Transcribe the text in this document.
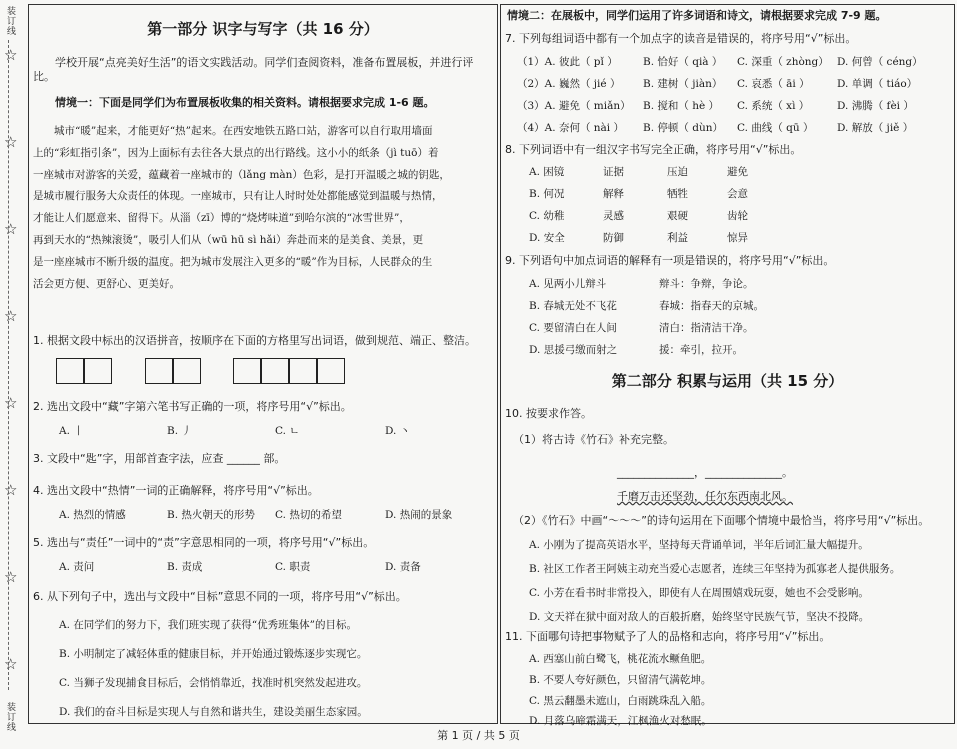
装订线
☆
☆
☆
☆
☆
☆
☆
☆
装订线
第一部分 识字与写字（共 16 分）
学校开展“点亮美好生活”的语文实践活动。同学们查阅资料，准备布置展板，并进行评比。
情境一：下面是同学们为布置展板收集的相关资料。请根据要求完成 1-6 题。
城市“暖”起来，才能更好“热”起来。在西安地铁五路口站，游客可以自行取用墙面
上的“彩虹指引条”，因为上面标有去往各大景点的出行路线。这小小的纸条（jì tuō）着
一座城市对游客的关爱，蕴藏着一座城市的（lǎng màn）色彩，是打开温暖之城的钥匙，
是城市履行服务大众责任的体现。一座城市，只有让人时时处处都能感觉到温暖与热情，
才能让人们愿意来、留得下。从淄（zī）博的“烧烤味道”到哈尔滨的“冰雪世界”，
再到天水的“热辣滚烫”，吸引人们从（wū hū sì hǎi）奔赴而来的是美食、美景，更
是一座座城市不断升级的温度。把为城市发展注入更多的“暖”作为目标，人民群众的生
活会更方便、更舒心、更美好。
1. 根据文段中标出的汉语拼音，按顺序在下面的方格里写出词语，做到规范、端正、整洁。
2. 选出文段中“藏”字第六笔书写正确的一项，将序号用“√”标出。
A. 丨	B. 丿	C. ㄴ	D. 丶
3. 文段中“匙”字，用部首查字法，应查 ______ 部。
4. 选出文段中“热情”一词的正确解释，将序号用“√”标出。
A. 热烈的情感	B. 热火朝天的形势 C. 热切的希望	D. 热闹的景象
5. 选出与“责任”一词中的“责”字意思相同的一项，将序号用“√”标出。
A. 责问	B. 责成	C. 职责	D. 责备
6. 从下列句子中，选出与文段中“目标”意思不同的一项，将序号用“√”标出。
A. 在同学们的努力下，我们班实现了获得“优秀班集体”的目标。
B. 小明制定了减轻体重的健康目标，并开始通过锻炼逐步实现它。
C. 当狮子发现捕食目标后，会悄悄靠近，找准时机突然发起进攻。
D. 我们的奋斗目标是实现人与自然和谐共生，建设美丽生态家园。
情境二：在展板中，同学们运用了许多词语和诗文，请根据要求完成 7-9 题。
7. 下列每组词语中都有一个加点字的读音是错误的，将序号用“√”标出。
（1）A. 彼此（ pǐ ） B. 恰好（ qià ） C. 深重（ zhòng） D. 何曾（ céng）
（2）A. 巍然（ jié ） B. 建树（ jiàn） C. 哀悉（ āi ）	D. 单调（ tiáo）
（3）A. 避免（ miǎn） B. 搅和（ hè ） C. 系统（ xì ）	D. 沸腾（ fèi ）
（4）A. 奈何（ nài ） B. 停顿（ dùn） C. 曲线（ qū ） D. 解放（ jiě ）
8. 下列词语中有一组汉字书写完全正确，将序号用“√”标出。
A. 困镜	证据	压迫	避免
B. 何况	解释	牺牲	会意
C. 幼稚	灵感	艰硬	齿轮
D. 安全	防御	利益	惊异
9. 下列语句中加点词语的解释有一项是错误的，将序号用“√”标出。
A. 见两小儿辩斗	辩斗：争辩，争论。
B. 春城无处不飞花	春城：指春天的京城。
C. 要留清白在人间	清白：指清洁干净。
D. 思援弓缴而射之	援：牵引，拉开。
第二部分 积累与运用（共 15 分）
10. 按要求作答。
（1）将古诗《竹石》补充完整。
______________，______________。
千磨万击还坚劲，任尔东西南北风。
（2）《竹石》中画“～～～”的诗句运用在下面哪个情境中最恰当，将序号用“√”标出。
A. 小刚为了提高英语水平，坚持每天背诵单词，半年后词汇量大幅提升。
B. 社区工作者王阿姨主动充当爱心志愿者，连续三年坚持为孤寡老人提供服务。
C. 小芳在看书时非常投入，即使有人在周围嬉戏玩耍，她也不会受影响。
D. 文天祥在狱中面对敌人的百般折磨，始终坚守民族气节，坚决不投降。
11. 下面哪句诗把事物赋予了人的品格和志向，将序号用“√”标出。
A. 西塞山前白鹭飞，桃花流水鳜鱼肥。
B. 不要人夸好颜色，只留清气满乾坤。
C. 黑云翻墨未遮山，白雨跳珠乱入船。
D. 月落乌啼霜满天，江枫渔火对愁眠。
第 1 页 / 共 5 页
